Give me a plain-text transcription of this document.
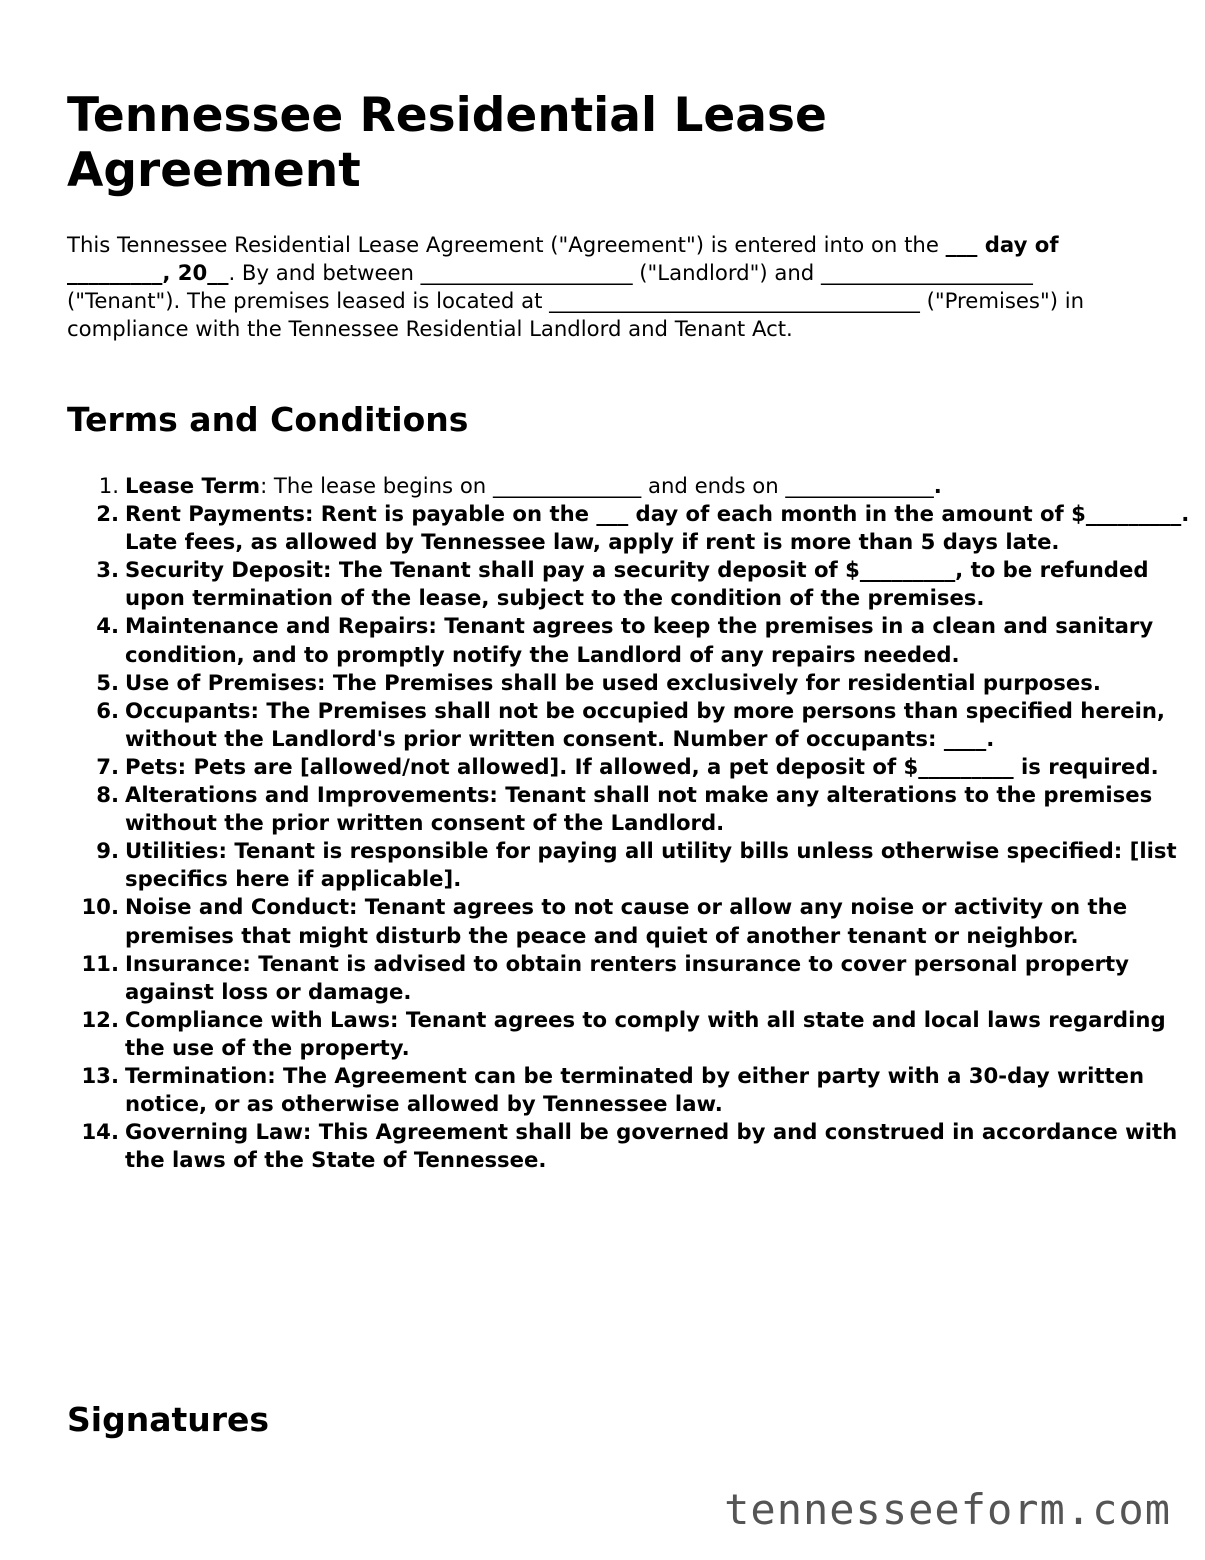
Tennessee Residential Lease Agreement

This Tennessee Residential Lease Agreement ("Agreement") is entered into on the ___ day of _________, 20__. By and between ____________________ ("Landlord") and ____________________ ("Tenant"). The premises leased is located at ___________________________________ ("Premises") in compliance with the Tennessee Residential Landlord and Tenant Act.

Terms and Conditions
Lease Term: The lease begins on ______________ and ends on ______________.
Rent Payments: Rent is payable on the ___ day of each month in the amount of $_________. Late fees, as allowed by Tennessee law, apply if rent is more than 5 days late.
Security Deposit: The Tenant shall pay a security deposit of $_________, to be refunded upon termination of the lease, subject to the condition of the premises.
Maintenance and Repairs: Tenant agrees to keep the premises in a clean and sanitary condition, and to promptly notify the Landlord of any repairs needed.
Use of Premises: The Premises shall be used exclusively for residential purposes.
Occupants: The Premises shall not be occupied by more persons than specified herein, without the Landlord's prior written consent. Number of occupants: ____.
Pets: Pets are [allowed/not allowed]. If allowed, a pet deposit of $_________ is required.
Alterations and Improvements: Tenant shall not make any alterations to the premises without the prior written consent of the Landlord.
Utilities: Tenant is responsible for paying all utility bills unless otherwise specified: [list specifics here if applicable].
Noise and Conduct: Tenant agrees to not cause or allow any noise or activity on the premises that might disturb the peace and quiet of another tenant or neighbor.
Insurance: Tenant is advised to obtain renters insurance to cover personal property against loss or damage.
Compliance with Laws: Tenant agrees to comply with all state and local laws regarding the use of the property.
Termination: The Agreement can be terminated by either party with a 30-day written notice, or as otherwise allowed by Tennessee law.
Governing Law: This Agreement shall be governed by and construed in accordance with the laws of the State of Tennessee.
Signatures
tennesseeform.com
